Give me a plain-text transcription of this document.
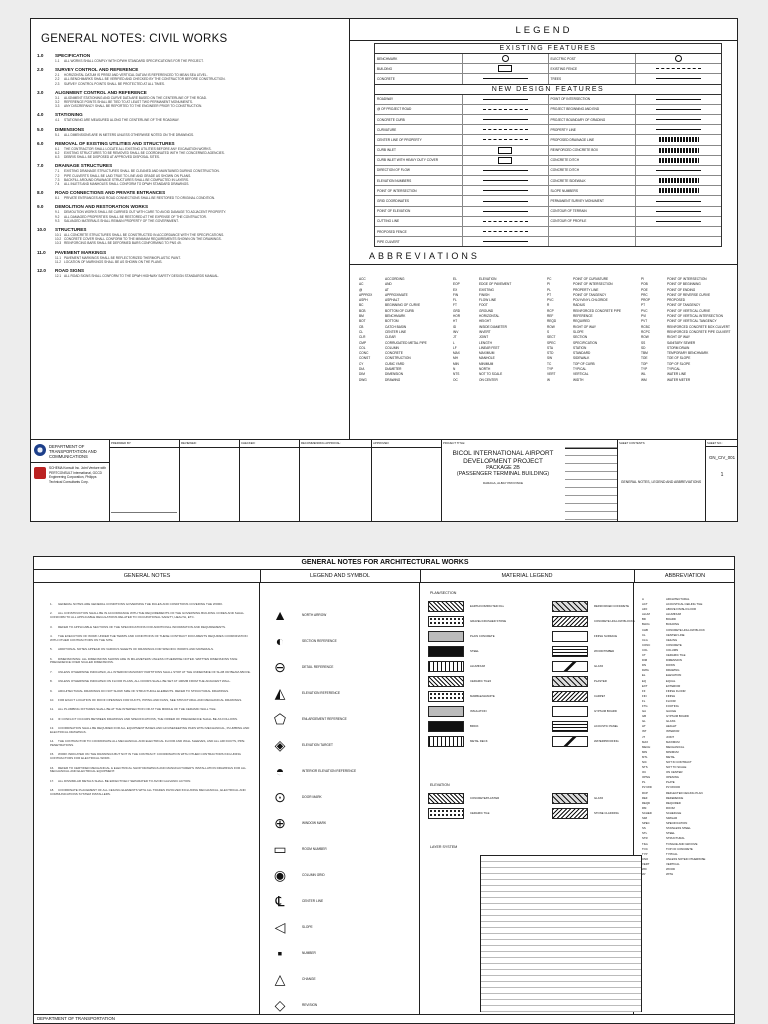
GENERAL NOTES: CIVIL WORKS
1.0	SPECIFICATION
1.1	ALL WORKS SHALL COMPLY WITH DPWH STANDARD SPECIFICATIONS FOR THE PROJECT.
2.0	SURVEY CONTROL AND REFERENCE
2.1	HORIZONTAL DATUM IS PRS92 AND VERTICAL DATUM IS REFERENCED TO MEAN SEA LEVEL.
2.2	ALL BENCHMARKS SHALL BE VERIFIED AND CHECKED BY THE CONTRACTOR BEFORE CONSTRUCTION.
2.3	SURVEY CONTROL POINTS SHALL BE PROTECTED AT ALL TIMES.
3.0	ALIGNMENT CONTROL AND REFERENCE
3.1	ALIGNMENT STATIONING AND CURVE DATA ARE BASED ON THE CENTERLINE OF THE ROAD.
3.2	REFERENCE POINTS SHALL BE TIED TO AT LEAST TWO PERMANENT MONUMENTS.
3.3	ANY DISCREPANCY SHALL BE REPORTED TO THE ENGINEER PRIOR TO CONSTRUCTION.
4.0	STATIONING
4.1	STATIONING ARE MEASURED ALONG THE CENTERLINE OF THE ROADWAY.
5.0	DIMENSIONS
5.1	ALL DIMENSIONS ARE IN METERS UNLESS OTHERWISE NOTED ON THE DRAWINGS.
6.0	REMOVAL OF EXISTING UTILITIES AND STRUCTURES
6.1	THE CONTRACTOR SHALL LOCATE ALL EXISTING UTILITIES BEFORE ANY EXCAVATION WORKS.
6.2	EXISTING STRUCTURES TO BE REMOVED SHALL BE COORDINATED WITH THE CONCERNED AGENCIES.
6.3	DEBRIS SHALL BE DISPOSED AT APPROVED DISPOSAL SITES.
7.0	DRAINAGE STRUCTURES
7.1	EXISTING DRAINAGE STRUCTURES SHALL BE CLEANED AND MAINTAINED DURING CONSTRUCTION.
7.2	PIPE CULVERTS SHALL BE LAID TRUE TO LINE AND GRADE AS SHOWN ON PLANS.
7.3	BACKFILL AROUND DRAINAGE STRUCTURES SHALL BE COMPACTED IN LAYERS.
7.4	ALL INLETS AND MANHOLES SHALL CONFORM TO DPWH STANDARD DRAWINGS.
8.0	ROAD CONNECTIONS AND PRIVATE ENTRANCES
8.1	PRIVATE ENTRANCES AND ROAD CONNECTIONS SHALL BE RESTORED TO ORIGINAL CONDITION.
9.0	DEMOLITION AND RESTORATION WORKS
9.1	DEMOLITION WORKS SHALL BE CARRIED OUT WITH CARE TO AVOID DAMAGE TO ADJACENT PROPERTY.
9.2	ALL DAMAGED PROPERTIES SHALL BE RESTORED AT THE EXPENSE OF THE CONTRACTOR.
9.3	SALVAGED MATERIALS SHALL REMAIN PROPERTY OF THE GOVERNMENT.
10.0	STRUCTURES
10.1 ALL CONCRETE STRUCTURES SHALL BE CONSTRUCTED IN ACCORDANCE WITH THE SPECIFICATIONS.
10.2 CONCRETE COVER SHALL CONFORM TO THE MINIMUM REQUIREMENTS SHOWN ON THE DRAWINGS.
10.3 REINFORCING BARS SHALL BE DEFORMED BARS CONFORMING TO PNS 49.
11.0	PAVEMENT MARKINGS
11.1 PAVEMENT MARKINGS SHALL BE REFLECTORIZED THERMOPLASTIC PAINT.
11.2 LOCATION OF MARKINGS SHALL BE AS SHOWN ON THE PLANS.
12.0	ROAD SIGNS
12.1 ALL ROAD SIGNS SHALL CONFORM TO THE DPWH HIGHWAY SAFETY DESIGN STANDARDS MANUAL.
LEGEND
EXISTING FEATURES
BENCHMARK	ELECTRIC POST
BUILDING	EXISTING FENCE
CONCRETE	TREES
NEW DESIGN FEATURES
ROADWAY	POINT OF INTERSECTION
@ OF PROJECT ROAD	PROJECT BEGINNING AND END
CONCRETE CURB	PROJECT BOUNDARY OF GRADING
CURVATURE	PROPERTY LINE
CENTER LINE OF PROPERTY	PROPOSED DRAINAGE LINE
CURB INLET	REINFORCED CONCRETE BOX
CURB INLET WITH HEAVY DUTY COVER	CONCRETE DITCH
DIRECTION OF FLOW	CONCRETE DITCH
ELEVATION NUMBERS	CONCRETE SIDEWALK
POINT OF INTERSECTION	SLOPE NUMBERS
GRID COORDINATES	PERMANENT SURVEY MONUMENT
POINT OF ELEVATION	CONTOUR OF TERRAIN
CUTTING LINE	CONTOUR OF PROFILE
PROPOSED FENCE
PIPE CULVERT
ABBREVIATIONS
ACC	ACCORDING
AC	AND
@	AT
APPROX	APPROXIMATE
ASPH	ASPHALT
BC	BEGINNING OF CURVE
BCB	BOTTOM OF CURB
BM	BENCHMARK
BOT	BOTTOM
CB	CATCH BASIN
CL	CENTER LINE
CLR	CLEAR
CMP	CORRUGATED METAL PIPE
COL	COLUMN
CONC	CONCRETE
CONST	CONSTRUCTION
CY	CUBIC YARD
DIA	DIAMETER
DIM	DIMENSION
DWG	DRAWING
EL	ELEVATION
EOP	EDGE OF PAVEMENT
EX	EXISTING
FIN	FINISH
FL	FLOW LINE
FT	FOOT
GRD	GROUND
HOR	HORIZONTAL
HT	HEIGHT
ID	INSIDE DIAMETER
INV	INVERT
JT	JOINT
L	LENGTH
LF	LINEAR FEET
MAX	MAXIMUM
MH	MANHOLE
MIN	MINIMUM
N	NORTH
NTS	NOT TO SCALE
OC	ON CENTER
PC	POINT OF CURVATURE
PI	POINT OF INTERSECTION
PL	PROPERTY LINE
PT	POINT OF TANGENCY
PVC	POLYVINYL CHLORIDE
R	RADIUS
RCP	REINFORCED CONCRETE PIPE
REF	REFERENCE
REQD	REQUIRED
ROW	RIGHT OF WAY
S	SLOPE
SECT	SECTION
SPEC	SPECIFICATION
STA	STATION
STD	STANDARD
SW	SIDEWALK
TC	TOP OF CURB
TYP	TYPICAL
VERT	VERTICAL
W	WIDTH
PI	POINT OF INTERSECTION
POB	POINT OF BEGINNING
POE	POINT OF ENDING
PRC	POINT OF REVERSE CURVE
PROP	PROPOSED
PT	POINT OF TANGENCY
PVC	POINT OF VERTICAL CURVE
PVI	POINT OF VERTICAL INTERSECTION
PVT	POINT OF VERTICAL TANGENCY
RCBC	REINFORCED CONCRETE BOX CULVERT
RCPC	REINFORCED CONCRETE PIPE CULVERT
ROW	RIGHT OF WAY
SS	SANITARY SEWER
SD	STORM DRAIN
TBM	TEMPORARY BENCHMARK
TOE	TOE OF SLOPE
TOP	TOP OF SLOPE
TYP	TYPICAL
WL	WATER LINE
WM	WATER METER
DEPARTMENT OF TRANSPORTATION AND COMMUNICATIONS
SCHEMA Konsult Inc. Joint Venture with PERTCONSULT International, GCCD Engineering Corporation, Philipps Technical Consultants Corp.
PREPARED BY:	REVIEWED:	CHECKED:	RECOMMENDING APPROVAL:	APPROVED:	PROJECT TITLE:
BICOL INTERNATIONAL AIRPORT DEVELOPMENT PROJECT
PACKAGE 2B
(PASSENGER TERMINAL BUILDING)
DARAGA, ALBAY PROVINCE
SHEET CONTENTS:
GENERAL NOTES, LEGEND AND ABBREVIATIONS
SHEET NO.:
GN_CIV_001
1
GENERAL NOTES FOR ARCHITECTURAL WORKS
GENERAL NOTES	LEGEND AND SYMBOL	MATERIAL LEGEND	ABBREVIATION

1. GENERAL NOTES ARE GENERAL CONDITIONS GOVERNING THE RULES AND CONDITIONS COVERING THE WORK.

2. ALL CONSTRUCTION SHALL BE IN ACCORDANCE WITH THE REQUIREMENTS OF THE GOVERNING BUILDING CODES AND SHALL CONFORM TO ALL APPLICABLE REGULATIONS RELATED TO OCCUPATIONAL SAFETY, HEALTH, ETC.

3. REFER TO APPLICABLE SECTIONS OF THE SPECIFICATIONS FOR ADDITIONAL INFORMATION AND REQUIREMENTS.

4. THE EXECUTION OF WORK UNDER THE TERMS AND CONDITIONS OF THESE CONTRACT DOCUMENTS REQUIRES COORDINATION WITH OTHER CONTRACTORS ON THE SITE.

5. ADDITIONAL NOTES APPEAR ON VARIOUS SHEETS OF DRAWINGS FOR SPECIFIC WORKS AND MATERIALS.

6. DIMENSIONING: ALL DIMENSIONS SHOWN ARE IN MILLIMETERS UNLESS OTHERWISE NOTED. WRITTEN DIMENSIONS TAKE PRECEDENCE OVER SCALED DIMENSIONS.

7. UNLESS OTHERWISE INDICATED, ALL INTERIOR MASONRY PARTITIONS SHALL STOP AT THE UNDERSIDE OF SLAB OR BEAM ABOVE.

8. UNLESS OTHERWISE INDICATED ON FLOOR PLANS, ALL DOORS SHALL BE SET AT 100MM FROM THE ADJACENT WALL.

9. ARCHITECTURAL DRAWINGS DO NOT SHOW SIZE OF STRUCTURAL ELEMENTS. REFER TO STRUCTURAL DRAWINGS.

10. FOR EXACT LOCATION OF ROOF OPENINGS FOR DUCTS, PIPING AND FANS, SEE STRUCTURAL AND MECHANICAL DRAWINGS.

11. ALL PLUMBING FIXTURES SHALL BE AT THE INTERSECTION OR AT THE MIDDLE OF THE CERAMIC WALL TILE.

12. IF CONFLICT OCCURS BETWEEN DRAWINGS AND SPECIFICATIONS, THE ORDER OF PRECEDENCE SHALL BE AS FOLLOWS.

13. COORDINATION SHALL BE REQUIRED FOR ALL EQUIPMENT BASES AND HOUSEKEEPING PADS WITH MECHANICAL, PLUMBING AND ELECTRICAL DRAWINGS.

14. THE CONTRACTOR TO COORDINATE ALL MECHANICAL AND ELECTRICAL FLOOR AND WALL SLEEVES, AND ALL AIR DUCTS, PIPE PENETRATIONS.

15. WORK INDICATED ON THE DRAWINGS BUT NOT IN THE CONTRACT: COORDINATION WITH OTHER CONTRACTORS INCLUDING CONTRACTORS FOR ELECTRICAL WORK.

16. REFER TO CERTIFIED MECHANICAL & ELECTRICAL SHOP DRAWINGS AND MANUFACTURER'S INSTALLATION DRAWINGS FOR ALL MECHANICAL AND ELECTRICAL EQUIPMENT.

17. ALL DISSIMILAR METALS SHALL BE EFFECTIVELY SEPARATED TO AVOID GALVANIC ACTION.

18. COORDINATE PLACEMENT OF ALL CEILING ELEMENTS WITH ALL TRADES INVOLVED INCLUDING MECHANICAL, ELECTRICAL AND COMMUNICATIONS SYSTEM INSTALLERS.

▲	NORTH ARROW
◐	SECTION REFERENCE
⊖	DETAIL REFERENCE
◭	ELEVATION REFERENCE
⬠	ENLARGEMENT REFERENCE
◈	ELEVATION TARGET
◓	INTERIOR ELEVATION REFERENCE
⊙	DOOR MARK
⊕	WINDOW MARK
▭	ROOM NUMBER
◉	COLUMN GRID
℄	CENTER LINE
◁	SLOPE
▪	NUMBER
△	CHANGE
◇	REVISION
PLAN/SECTION
EARTH/COMPACTED FILL	REINFORCED CONCRETE
GRAVEL/CRUSHED STONE	CONCRETE HOLLOW BLOCKS
PLAIN CONCRETE	FINISH SURFACE
STEEL	WOOD/TIMBER
ALUMINUM	GLASS
CERAMIC TILES	PLASTER
MARBLE/GRANITE	CARPET
INSULATION	GYPSUM BOARD
BRICK	ACOUSTIC PANEL
METAL DECK	WATERPROOFING
ELEVATION
CONCRETE/PLASTER	GLASS
CERAMIC TILE	STONE CLADDING
LAYER SYSTEM
A	ARCHITECTURAL
ACT	ACOUSTICAL CEILING TILE
AFF	ABOVE FINISH FLOOR
ALUM	ALUMINUM
BD	BOARD
BLDG	BUILDING
CHB	CONCRETE HOLLOW BLOCK
CL	CENTER LINE
CLG	CEILING
CONC	CONCRETE
COL	COLUMN
CT	CERAMIC TILE
DIM	DIMENSION
DN	DOWN
DWG	DRAWING
EL	ELEVATION
EQ	EQUAL
EXT	EXTERIOR
FF	FINISH FLOOR
FIN	FINISH
FL	FLOOR
FTG	FOOTING
GA	GAUGE
GB	GYPSUM BOARD
GL	GLASS
HT	HEIGHT
INT	INTERIOR
JT	JOINT
MAX	MAXIMUM
MECH	MECHANICAL
MIN	MINIMUM
MTL	METAL
NIC	NOT IN CONTRACT
NTS	NOT TO SCALE
OC	ON CENTER
OPNG	OPENING
PL	PLATE
PLYWD	PLYWOOD
RCP	REFLECTED CEILING PLAN
REF	REFERENCE
REQD	REQUIRED
RM	ROOM
SCHED	SCHEDULE
SIM	SIMILAR
SPEC	SPECIFICATION
SS	STAINLESS STEEL
STL	STEEL
STR	STRUCTURAL
T&G	TONGUE AND GROOVE
TOC	TOP OF CONCRETE
TYP	TYPICAL
UNO	UNLESS NOTED OTHERWISE
VERT	VERTICAL
WD	WOOD
W/	WITH
DEPARTMENT OF TRANSPORTATION
